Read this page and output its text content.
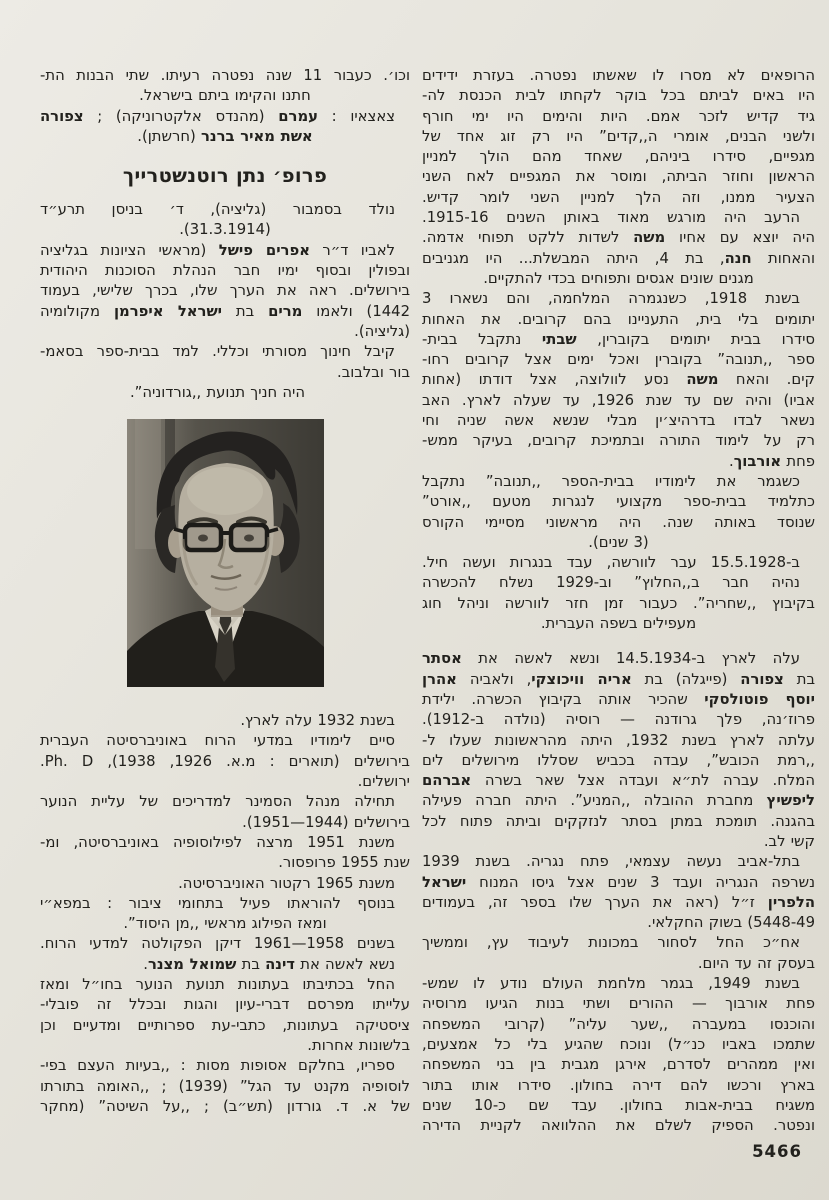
הרופאים לא מסרו לו שאשתו נפטרה. בעזרת ידידים
היו באים לביתם בכל בוקר לקחתו לבית הכנסת לה-
גיד קדיש לזכר אמם. היות והימים היו ימי חורף
ולשני הבנים, אומרי ה,,קדים” היו רק זוג אחד של
מגפיים, סידרו ביניהם, שאחד מהם הולך למניין
הראשון וחוזר הביתה, ומוסר את המגפיים לאח השני
הצעיר ממנו, וזה הלך למניין השני לומר קדיש.
הרעב היה מורגש מאוד באותן השנים 1915-16.
היה יוצא עם אחיו משה לשדות ללקט תפוחי אדמה.
והאחות חנה, בת 4, היתה המבשלת... היו מגניבים
מגנים שונים אגסים ותפוחים בכדי להתקיים.
בשנת 1918, כשנגמרה המלחמה, והם נשארו 3
יתומים בלי בית, התעניינו בהם קרובים. את האחות
סידרו בבית יתומים בקוברין, שבתי נתקבל בבית-
ספר ,,תנובה” בקוברין ואכל ימים אצל קרובים רחו-
קים. והאח משה נסע לוולוצה, אצל דודתו (אחות
אביו) והיה שם עד שנת 1926, עד שעלה לארץ. האב
נשאר לבדו בדרהיצ׳ין מבלי שנשא אשה שניה וחי
רק על לימוד התורה ובתמיכת קרובים, בעיקר ממש-
פחת אורבוך.
כשגמר את לימודיו בבית-הספר ,,תנובה” נתקבל
כתלמיד בבית-ספר מקצועי לנגרות מטעם ,,אורט”
שנוסד באותה שנה. היה מראשוני מסיימי הקורס
(3 שנים).
ב-15.5.1928 עבר לוורשה, עבד בנגרות ועשה חיל.
נהיה חבר ב,,החלוץ” וב-1929 נשלח להכשרה
בקיבוץ ,,שחריה”. כעבור זמן חזר לוורשה וניהל חוג
מעפילים בשפה העברית.
עלה לארץ ב-14.5.1934 ונשא לאשה את אסתר
בת צפורה (פייגלה) בת אריה וויכוצקי, ולאביה אהרן
יוסף פוטולסקי שהכיר אותה בקיבוץ הכשרה. ילידת
פרוז׳נה, פלך גרודנה — רוסיה (נולדה ב-1912).
עלתה לארץ בשנת 1932, היתה מהראשונות שעלו ל-
,,רמת הכובש”, עבדה בכביש שסללו מירושלים לים
המלח. עברה לת״א ועבדה אצל שאר בשרה אברהם
ליפשיץ מחברת ההובלה ,,המניע”. היתה חברה פעילה
בהגנה. תומכת במתן בסתר לנזקקים וביתה פתוח לכל
קשי לב.
בתל-אביב נעשה עצמאי, פתח נגריה. בשנת 1939
נשרפה הנגריה ועבד 3 שנים אצל גיסו המנוח ישראל
הלפרין ז״ל (ראה את הערך שלו בספר זה, בעמודים
5448-49) בשוק החקלאי.
אח״כ החל לסחור במכונות לעיבוד עץ, וממשיך
בעסק זה עד היום.
בשנת 1949, בגמר מלחמת העולם נודע לו שמש-
פחת אורבוך — ההורים ושתי בנות הגיעו מרוסיה
והוכנסו במעברה ,,שער עליה” (קרובי המשפחה
שתמכו באביו כנ״ל) ונוכח שהגיע בלי כל אמצעים,
ואין ממהרים לסדרם, אירגן מגבית בין בני המשפחה
בארץ ורכשו להם דירה בחולון. סידרו אותו בתור
משגיח בבית-אבות בחולון. עבד שם כ-10 שנים
ונפטר. הספיק לשלם את ההלוואה לקניית הדירה
וכו׳. כעבור 11 שנה נפטרה רעיתו. שתי הבנות הת-
חתנו והקימו ביתם בישראל.
צאצאיו : עמרם (מהנדס אלקטרוניקה) ; צפורה
אשת מאיר ברנר (חרשתן).
פרופ׳ נתן רוטנשטרייך
נולד בסמבור (גליציה), ד׳ בניסן תרע״ד
(31.3.1914).
לאביו ד״ר אפרים פישל (מראשי הציונות בגליציה
ובפולין ובסוף ימיו חבר הנהלת הסוכנות היהודית
בירושלים. ראה את הערך שלו, בכרך שלישי, בעמוד
1442) ולאמו מרים בת ישראל איפרמן מקולומיה
(גליציה).
קיבל חינוך מסורתי וכללי. למד בבית-ספר בסאמ-
בור ובלבוב.
היה חניך תנועת ,,גורדוניה”.
בשנת 1932 עלה לארץ.
סיים לימודיו במדעי הרוח באוניברסיטה העברית
בירושלים (תוארים : מ.א. 1926, 1938), Ph. D.
ירושלים.
תחילה מנהל הסמינר למדריכים של עליית הנוער
בירושלים (1944—1951).
משנת 1951 מרצה לפילוסופיה באוניברסיטה, ומ-
שנת 1955 פרופסור.
משנת 1965 רקטור האוניברסיטה.
בנוסף להוראתו פעיל בתחומי ציבור : במפא״י
ומאז הפילוג מראשי ,,מן היסוד”.
בשנים 1958—1961 דיקן הפקולטה למדעי הרוח.
נשא לאשה את דינה בת שמואל מצנר.
החל בכתיבתו בעתונות תנועת הנוער בחו״ל ומאז
עלייתו מפרסם דברי-עיון והגות ובכלל זה פובלי-
ציסטיקה בעתונות, כתבי-עת ספרותיים ומדעיים וכן
בלשונות אחרות.
ספריו, בחלקם אסופות מסות : ,,בעיות העצם בפי-
לוסופיה מקנט עד הגל” (1939) ; ,,האומה בתורתו
של א. ד. גורדון (תש״ב) ; ,,על השיטה” (מחקר
5466
